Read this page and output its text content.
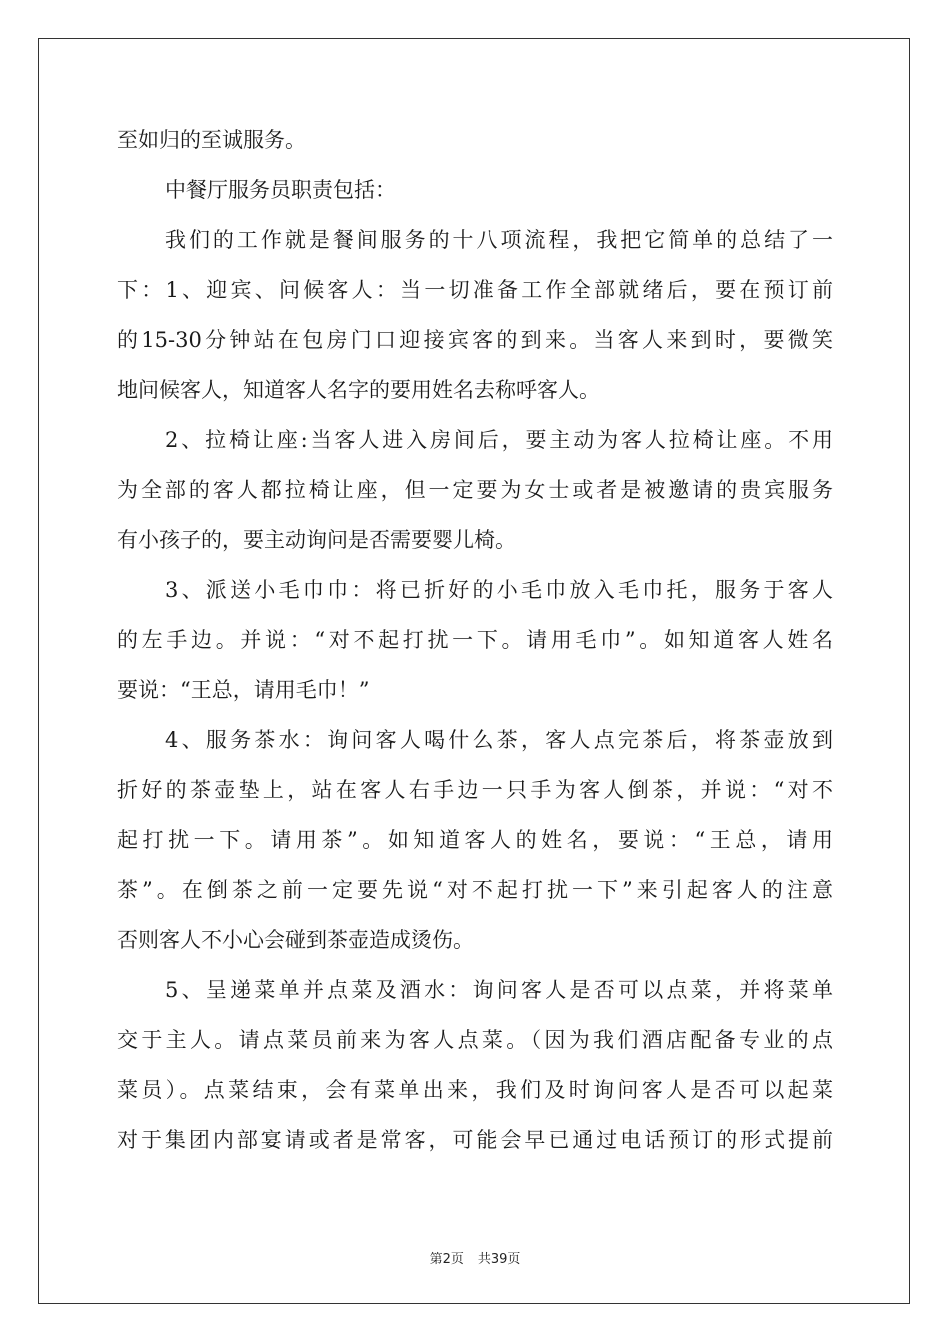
至如归的至诚服务。
中餐厅服务员职责包括：
我们的工作就是餐间服务的十八项流程，我把它简单的总结了一
下：1、迎宾、问候客人：当一切准备工作全部就绪后，要在预订前
的15-30分钟站在包房门口迎接宾客的到来。当客人来到时，要微笑
地问候客人，知道客人名字的要用姓名去称呼客人。
2、拉椅让座:当客人进入房间后，要主动为客人拉椅让座。不用
为全部的客人都拉椅让座，但一定要为女士或者是被邀请的贵宾服务
有小孩子的，要主动询问是否需要婴儿椅。
3、派送小毛巾巾：将已折好的小毛巾放入毛巾托，服务于客人
的左手边。并说：“对不起打扰一下。请用毛巾”。如知道客人姓名
要说：“王总，请用毛巾！”
4、服务茶水：询问客人喝什么茶，客人点完茶后，将茶壶放到
折好的茶壶垫上，站在客人右手边一只手为客人倒茶，并说：“对不
起打扰一下。请用茶”。如知道客人的姓名，要说：“王总，请用
茶”。在倒茶之前一定要先说“对不起打扰一下”来引起客人的注意
否则客人不小心会碰到茶壶造成烫伤。
5、呈递菜单并点菜及酒水：询问客人是否可以点菜，并将菜单
交于主人。请点菜员前来为客人点菜。（因为我们酒店配备专业的点
菜员）。点菜结束，会有菜单出来，我们及时询问客人是否可以起菜
对于集团内部宴请或者是常客，可能会早已通过电话预订的形式提前
第2页 共39页
